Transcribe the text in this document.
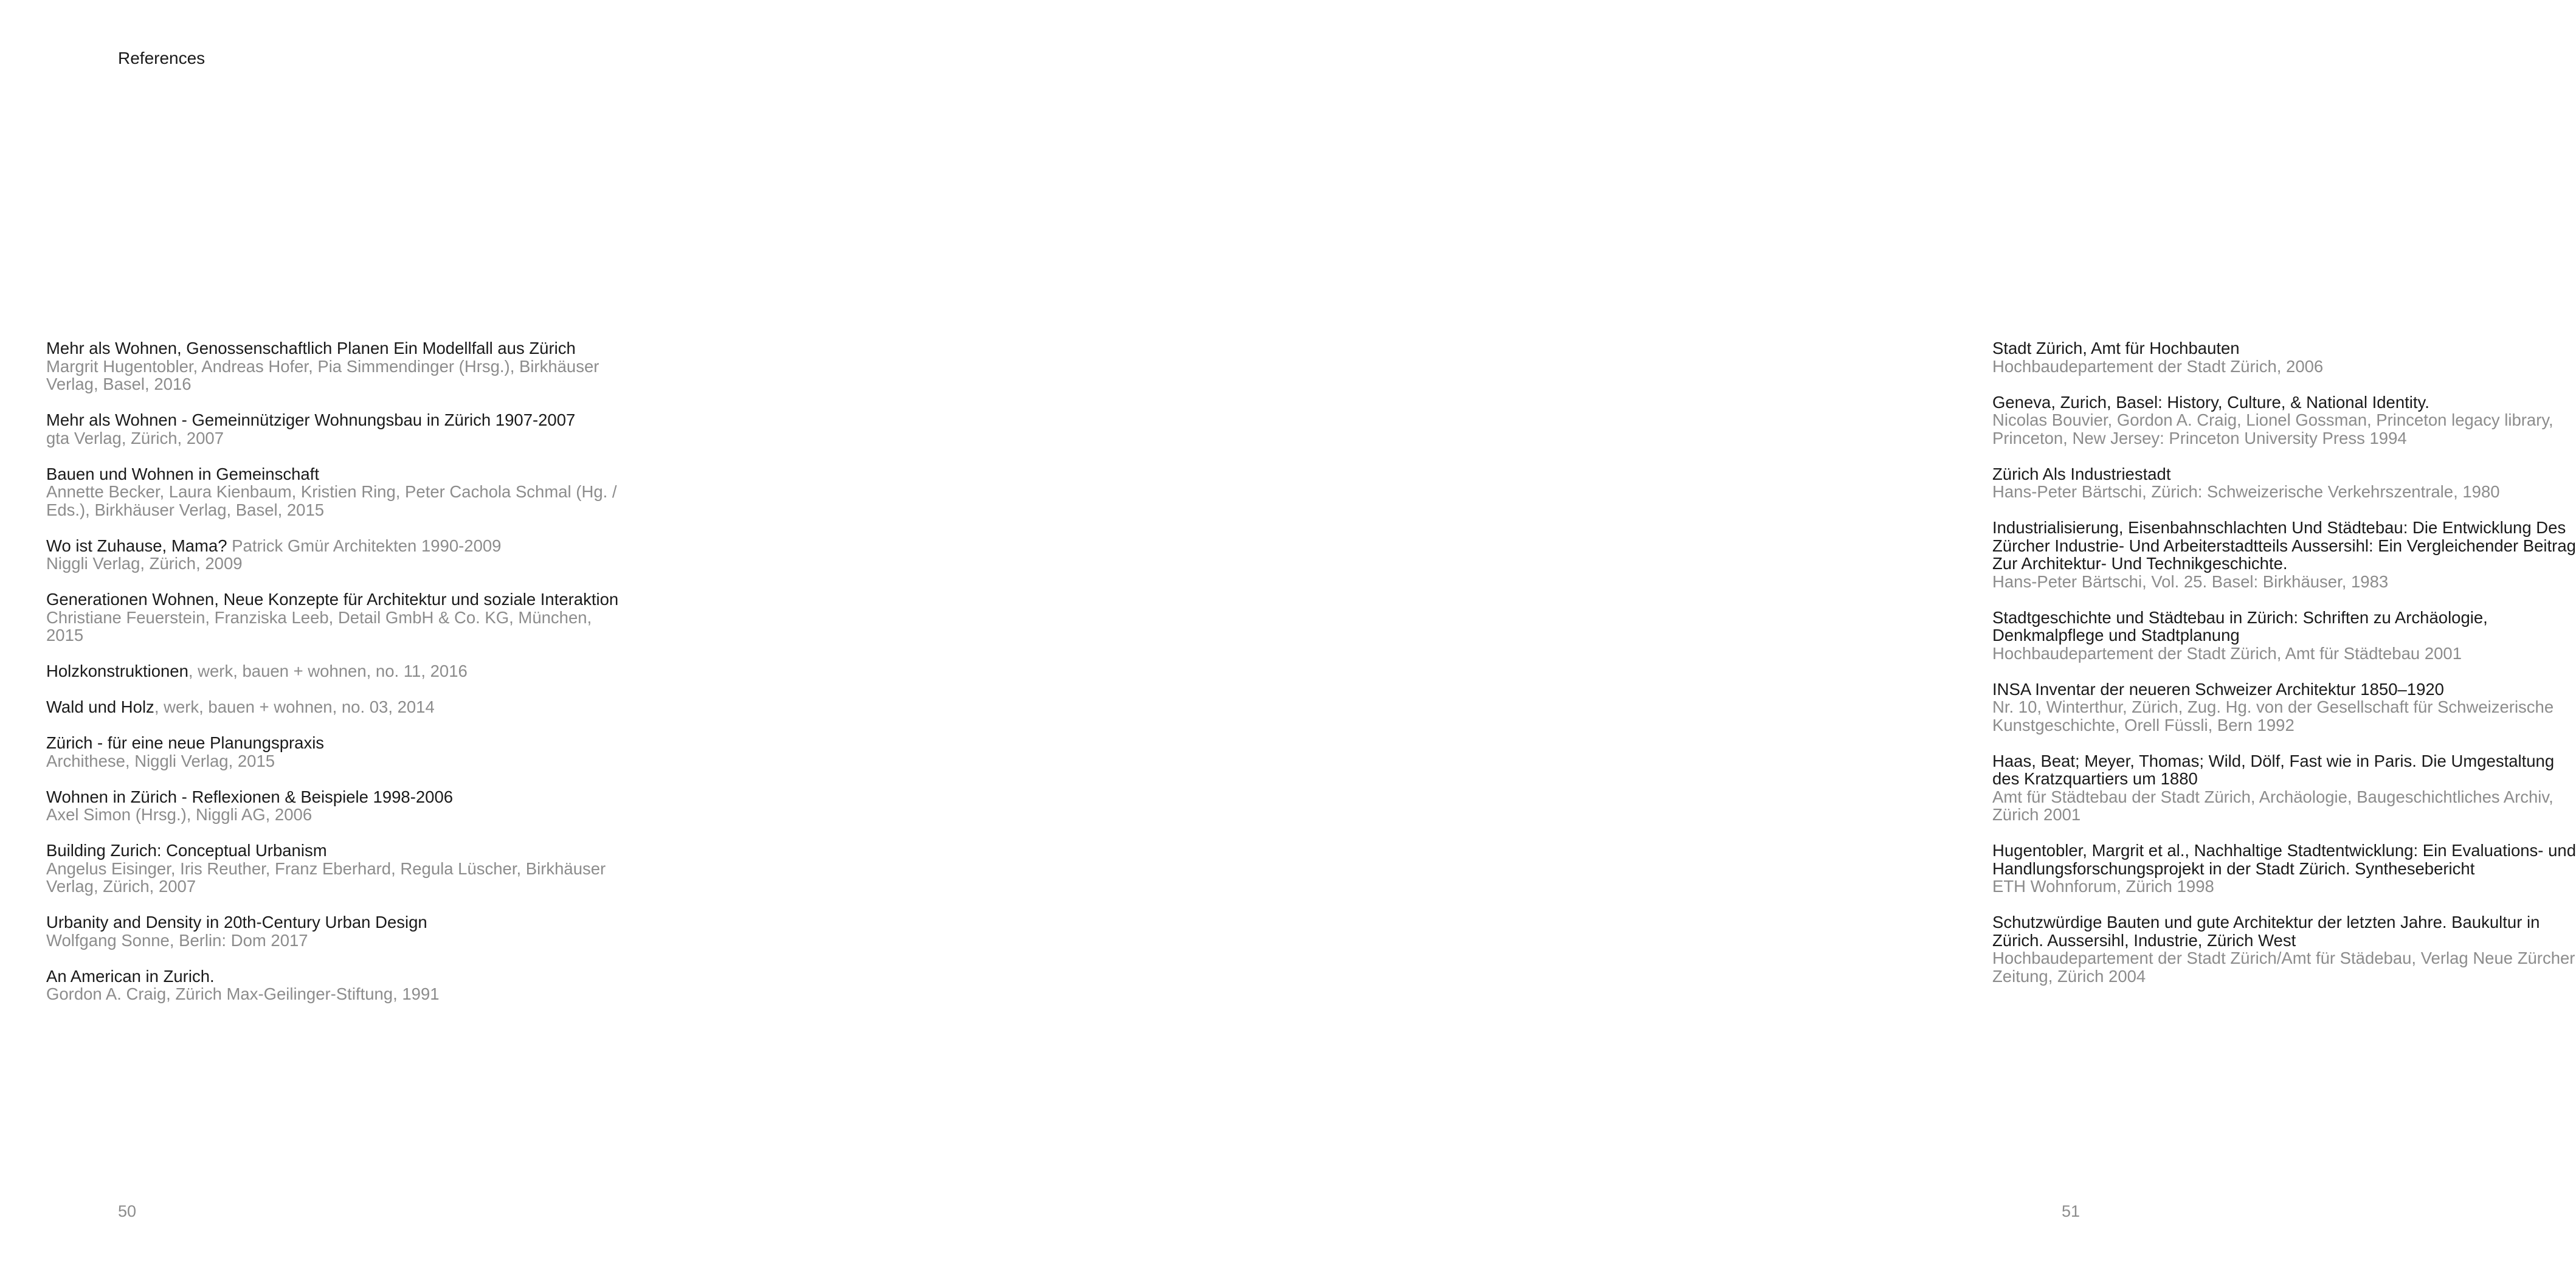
References

Mehr als Wohnen, Genossenschaftlich Planen Ein Modellfall aus Zürich
Margrit Hugentobler, Andreas Hofer, Pia Simmendinger (Hrsg.), Birkhäuser Verlag, Basel, 2016

Mehr als Wohnen - Gemeinnütziger Wohnungsbau in Zürich 1907-2007
gta Verlag, Zürich, 2007

Bauen und Wohnen in Gemeinschaft
Annette Becker, Laura Kienbaum, Kristien Ring, Peter Cachola Schmal (Hg. / Eds.), Birkhäuser Verlag, Basel, 2015

Wo ist Zuhause, Mama? Patrick Gmür Architekten 1990-2009
Niggli Verlag, Zürich, 2009

Generationen Wohnen, Neue Konzepte für Architektur und soziale Interaktion
Christiane Feuerstein, Franziska Leeb, Detail GmbH & Co. KG, München, 2015

Holzkonstruktionen, werk, bauen + wohnen, no. 11, 2016

Wald und Holz, werk, bauen + wohnen, no. 03, 2014

Zürich - für eine neue Planungspraxis
Archithese, Niggli Verlag, 2015

Wohnen in Zürich - Reflexionen & Beispiele 1998-2006
Axel Simon (Hrsg.), Niggli AG, 2006

Building Zurich: Conceptual Urbanism
Angelus Eisinger, Iris Reuther, Franz Eberhard, Regula Lüscher, Birkhäuser Verlag, Zürich, 2007

Urbanity and Density in 20th-Century Urban Design
Wolfgang Sonne, Berlin: Dom 2017

An American in Zurich.
Gordon A. Craig, Zürich Max-Geilinger-Stiftung, 1991

50

Stadt Zürich, Amt für Hochbauten
Hochbaudepartement der Stadt Zürich, 2006

Geneva, Zurich, Basel: History, Culture, & National Identity.
Nicolas Bouvier, Gordon A. Craig, Lionel Gossman, Princeton legacy library, Princeton, New Jersey: Princeton University Press 1994

Zürich Als Industriestadt
Hans-Peter Bärtschi, Zürich: Schweizerische Verkehrszentrale, 1980

Industrialisierung, Eisenbahnschlachten Und Städtebau: Die Entwicklung Des Zürcher Industrie- Und Arbeiterstadtteils Aussersihl: Ein Vergleichender Beitrag Zur Architektur- Und Technikgeschichte.
Hans-Peter Bärtschi, Vol. 25. Basel: Birkhäuser, 1983

Stadtgeschichte und Städtebau in Zürich: Schriften zu Archäologie, Denkmalpflege und Stadtplanung
Hochbaudepartement der Stadt Zürich, Amt für Städtebau 2001

INSA Inventar der neueren Schweizer Architektur 1850–1920
Nr. 10, Winterthur, Zürich, Zug. Hg. von der Gesellschaft für Schweizerische Kunstgeschichte, Orell Füssli, Bern 1992

Haas, Beat; Meyer, Thomas; Wild, Dölf, Fast wie in Paris. Die Umgestaltung des Kratzquartiers um 1880
Amt für Städtebau der Stadt Zürich, Archäologie, Baugeschichtliches Archiv, Zürich 2001

Hugentobler, Margrit et al., Nachhaltige Stadtentwicklung: Ein Evaluations- und Handlungsforschungsprojekt in der Stadt Zürich. Synthesebericht
ETH Wohnforum, Zürich 1998

Schutzwürdige Bauten und gute Architektur der letzten Jahre. Baukultur in Zürich. Aussersihl, Industrie, Zürich West
Hochbaudepartement der Stadt Zürich/Amt für Städebau, Verlag Neue Zürcher Zeitung, Zürich 2004

51
